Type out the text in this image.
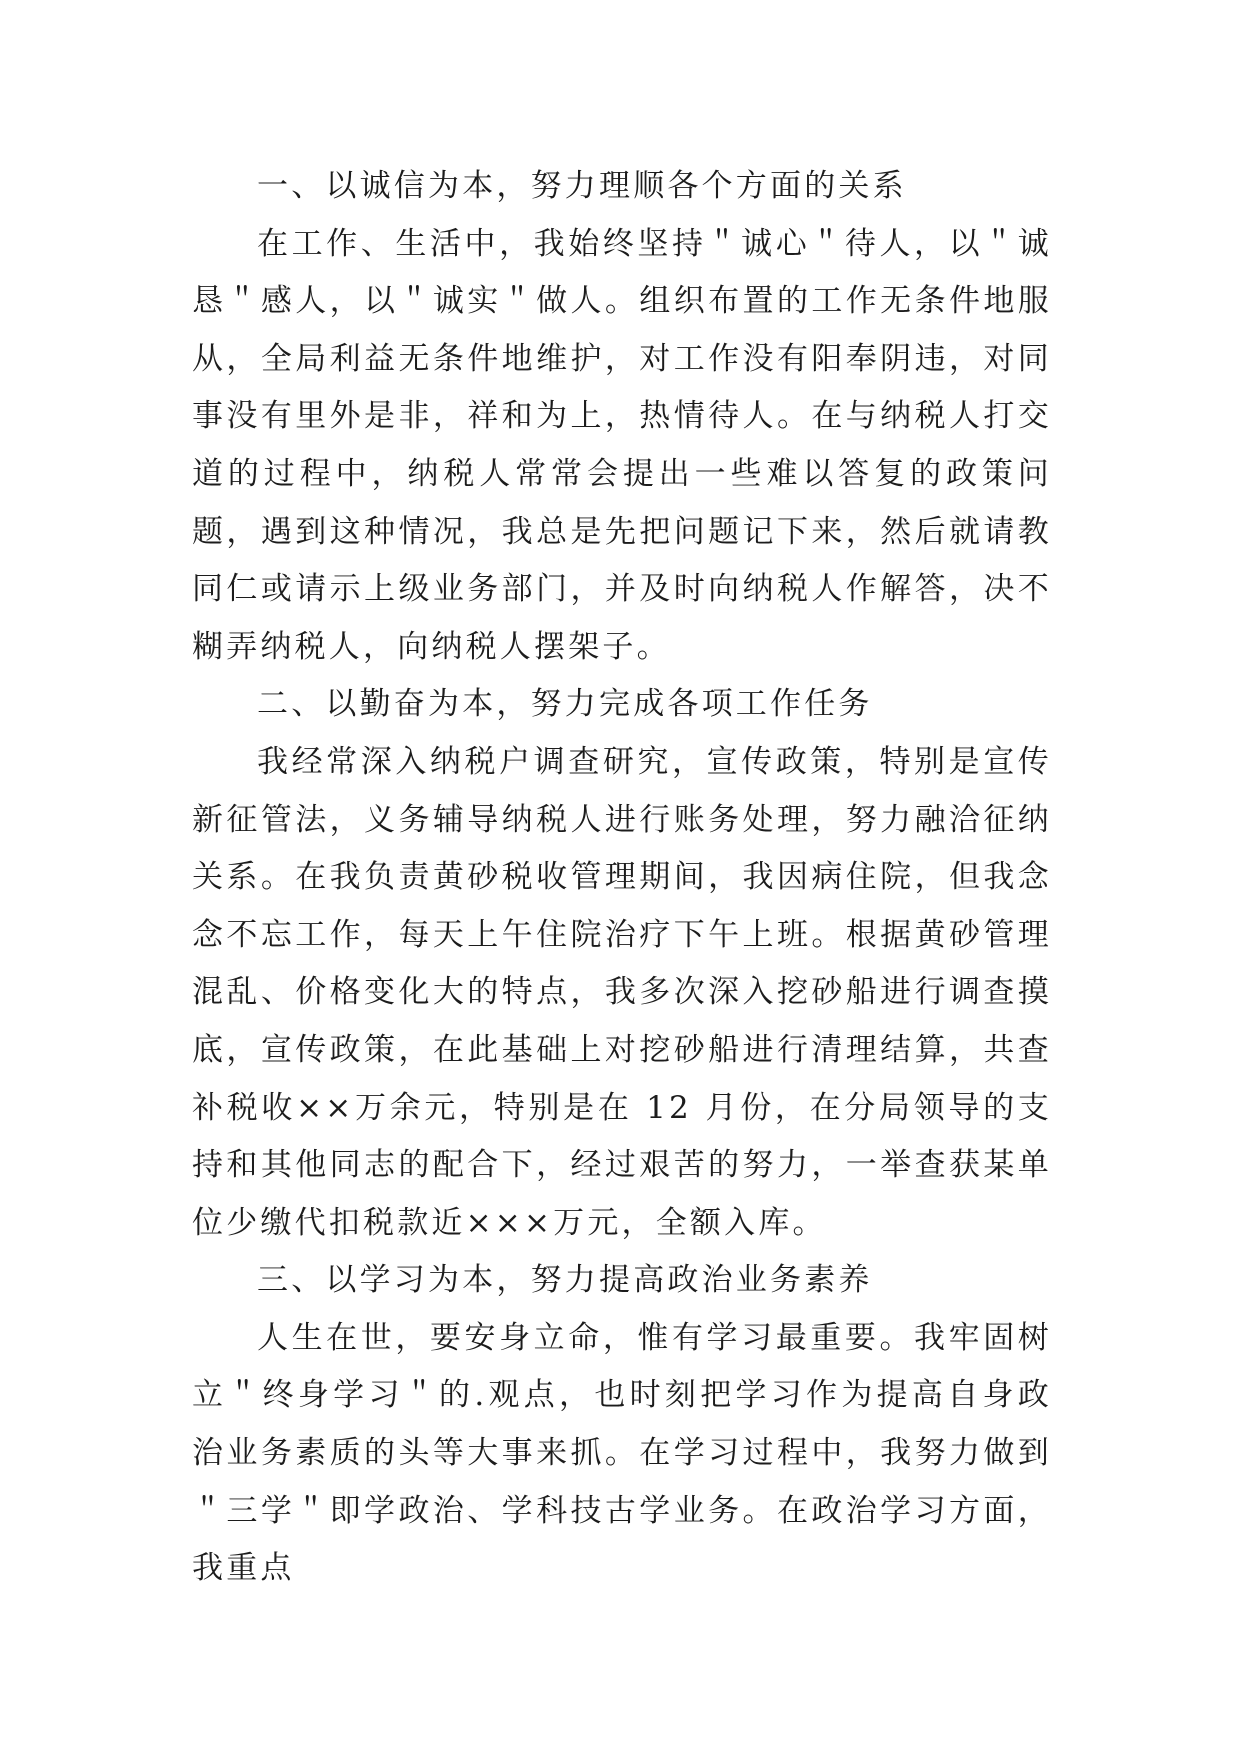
一、以诚信为本，努力理顺各个方面的关系

在工作、生活中，我始终坚持＂诚心＂待人，以＂诚恳＂感人，以＂诚实＂做人。组织布置的工作无条件地服从，全局利益无条件地维护，对工作没有阳奉阴违，对同事没有里外是非，祥和为上，热情待人。在与纳税人打交道的过程中，纳税人常常会提出一些难以答复的政策问题，遇到这种情况，我总是先把问题记下来，然后就请教同仁或请示上级业务部门，并及时向纳税人作解答，决不糊弄纳税人，向纳税人摆架子。

二、以勤奋为本，努力完成各项工作任务

我经常深入纳税户调查研究，宣传政策，特别是宣传新征管法，义务辅导纳税人进行账务处理，努力融洽征纳关系。在我负责黄砂税收管理期间，我因病住院，但我念念不忘工作，每天上午住院治疗下午上班。根据黄砂管理混乱、价格变化大的特点，我多次深入挖砂船进行调查摸底，宣传政策，在此基础上对挖砂船进行清理结算，共查补税收××万余元，特别是在 12 月份，在分局领导的支持和其他同志的配合下，经过艰苦的努力，一举查获某单位少缴代扣税款近×××万元，全额入库。

三、以学习为本，努力提高政治业务素养

人生在世，要安身立命，惟有学习最重要。我牢固树立＂终身学习＂的.观点，也时刻把学习作为提高自身政治业务素质的头等大事来抓。在学习过程中，我努力做到＂三学＂即学政治、学科技古学业务。在政治学习方面，我重点
